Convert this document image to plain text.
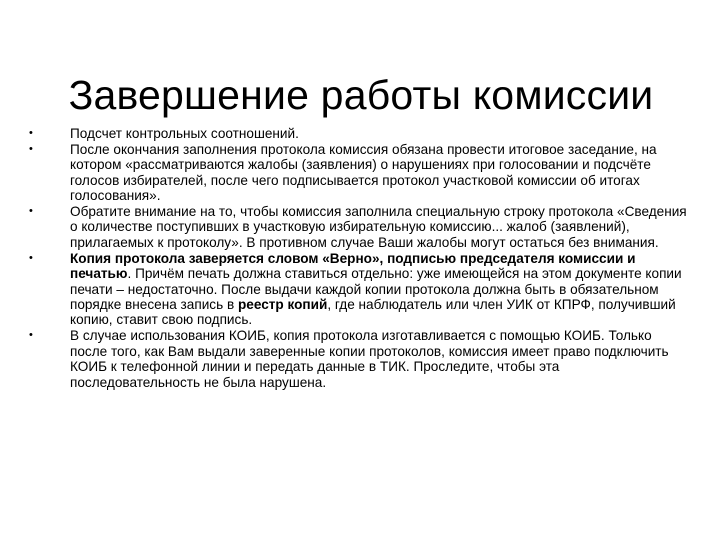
Завершение работы комиссии
•	Подсчет контрольных соотношений.
•	После окончания заполнения протокола комиссия обязана провести итоговое заседание, на котором «рассматриваются жалобы (заявления) о нарушениях при голосовании и подсчёте голосов избирателей, после чего подписывается протокол участковой комиссии об итогах голосования».
•	Обратите внимание на то, чтобы комиссия заполнила специальную строку протокола «Сведения о количестве поступивших в участковую избирательную комиссию... жалоб (заявлений), прилагаемых к протоколу». В противном случае Ваши жалобы могут остаться без внимания.
•	Копия протокола заверяется словом «Верно», подписью председателя комиссии и печатью. Причём печать должна ставиться отдельно: уже имеющейся на этом документе копии печати – недостаточно. После выдачи каждой копии протокола должна быть в обязательном порядке внесена запись в реестр копий, где наблюдатель или член УИК от КПРФ, получивший копию, ставит свою подпись.
•	В случае использования КОИБ, копия протокола изготавливается с помощью КОИБ. Только после того, как Вам выдали заверенные копии протоколов, комиссия имеет право подключить КОИБ к телефонной линии и передать данные в ТИК. Проследите, чтобы эта последовательность не была нарушена.
